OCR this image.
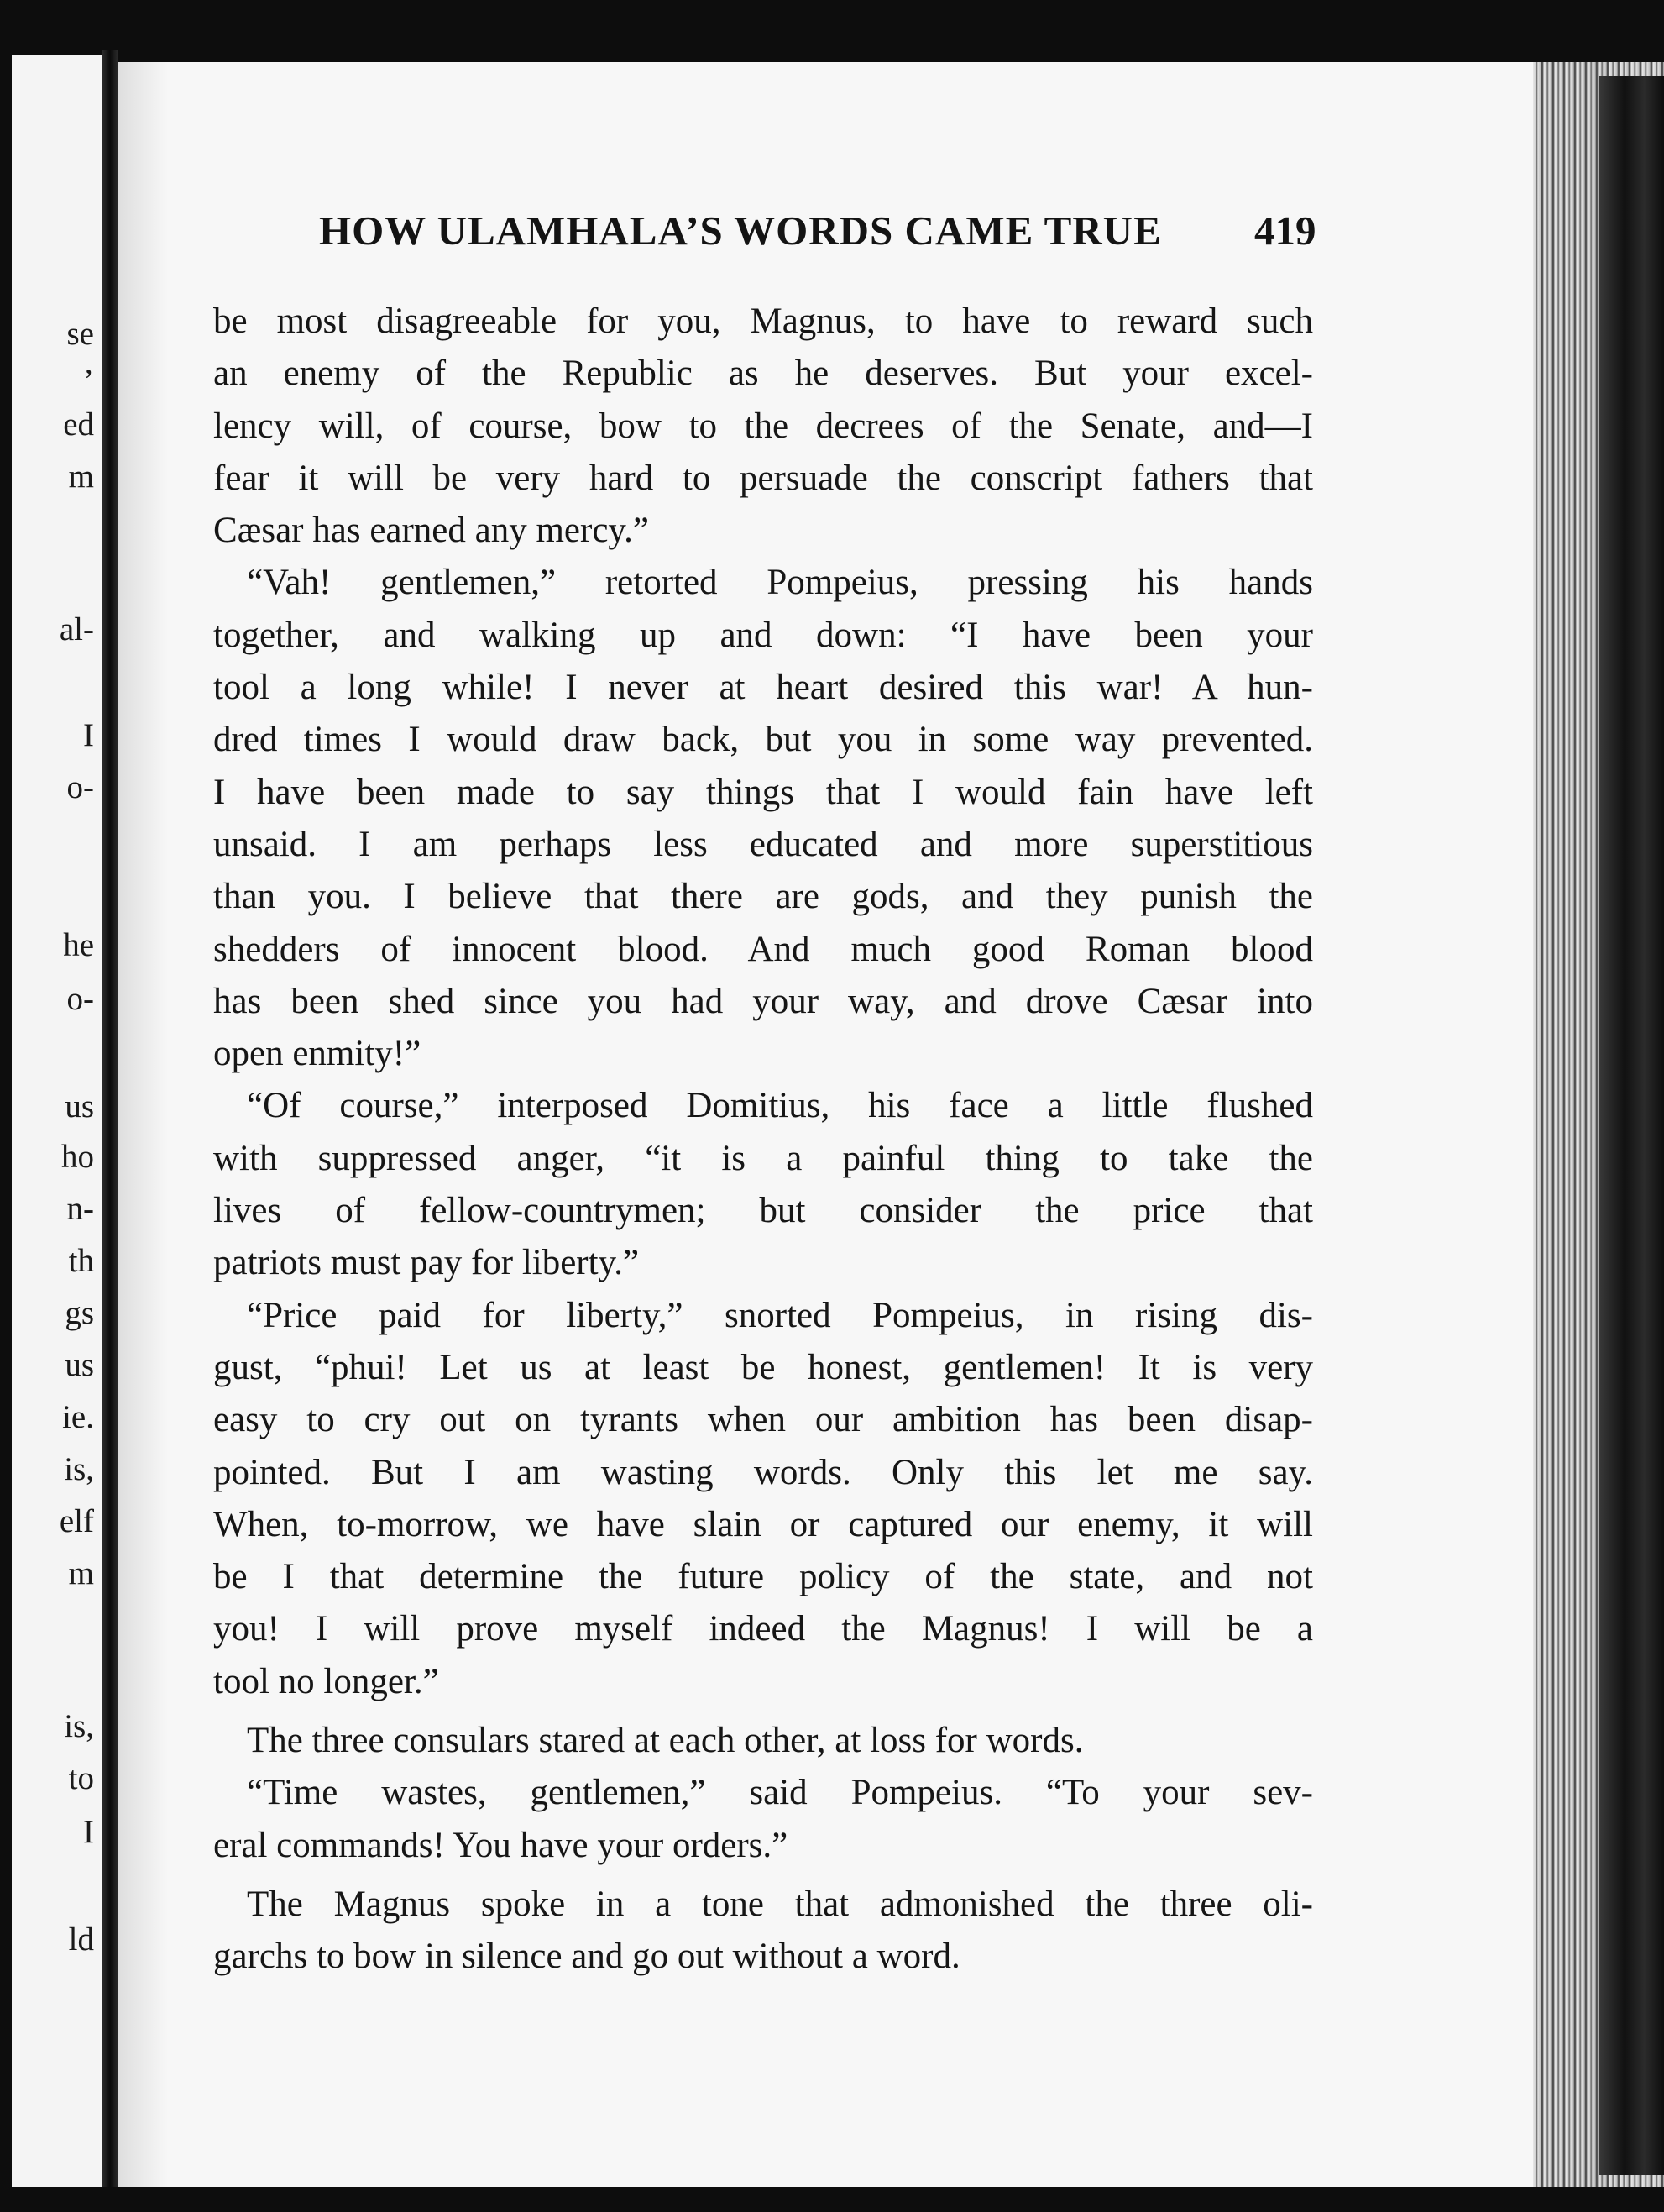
se
’
ed
m
al-
I
o-
he
o-
us
ho
n-
th
gs
us
ie.
is,
elf
m
is,
to
I
ld
HOW ULAMHALA’S WORDS CAME TRUE 419
be most disagreeable for you, Magnus, to have to reward such
an enemy of the Republic as he deserves. But your excel-
lency will, of course, bow to the decrees of the Senate, and—I
fear it will be very hard to persuade the conscript fathers that
Cæsar has earned any mercy.”
“Vah! gentlemen,” retorted Pompeius, pressing his hands
together, and walking up and down: “I have been your
tool a long while! I never at heart desired this war! A hun-
dred times I would draw back, but you in some way prevented.
I have been made to say things that I would fain have left
unsaid. I am perhaps less educated and more superstitious
than you. I believe that there are gods, and they punish the
shedders of innocent blood. And much good Roman blood
has been shed since you had your way, and drove Cæsar into
open enmity!”
“Of course,” interposed Domitius, his face a little flushed
with suppressed anger, “it is a painful thing to take the
lives of fellow-countrymen; but consider the price that
patriots must pay for liberty.”
“Price paid for liberty,” snorted Pompeius, in rising dis-
gust, “phui! Let us at least be honest, gentlemen! It is very
easy to cry out on tyrants when our ambition has been disap-
pointed. But I am wasting words. Only this let me say.
When, to-morrow, we have slain or captured our enemy, it will
be I that determine the future policy of the state, and not
you! I will prove myself indeed the Magnus! I will be a
tool no longer.”
The three consulars stared at each other, at loss for words.
“Time wastes, gentlemen,” said Pompeius. “To your sev-
eral commands! You have your orders.”
The Magnus spoke in a tone that admonished the three oli-
garchs to bow in silence and go out without a word.
